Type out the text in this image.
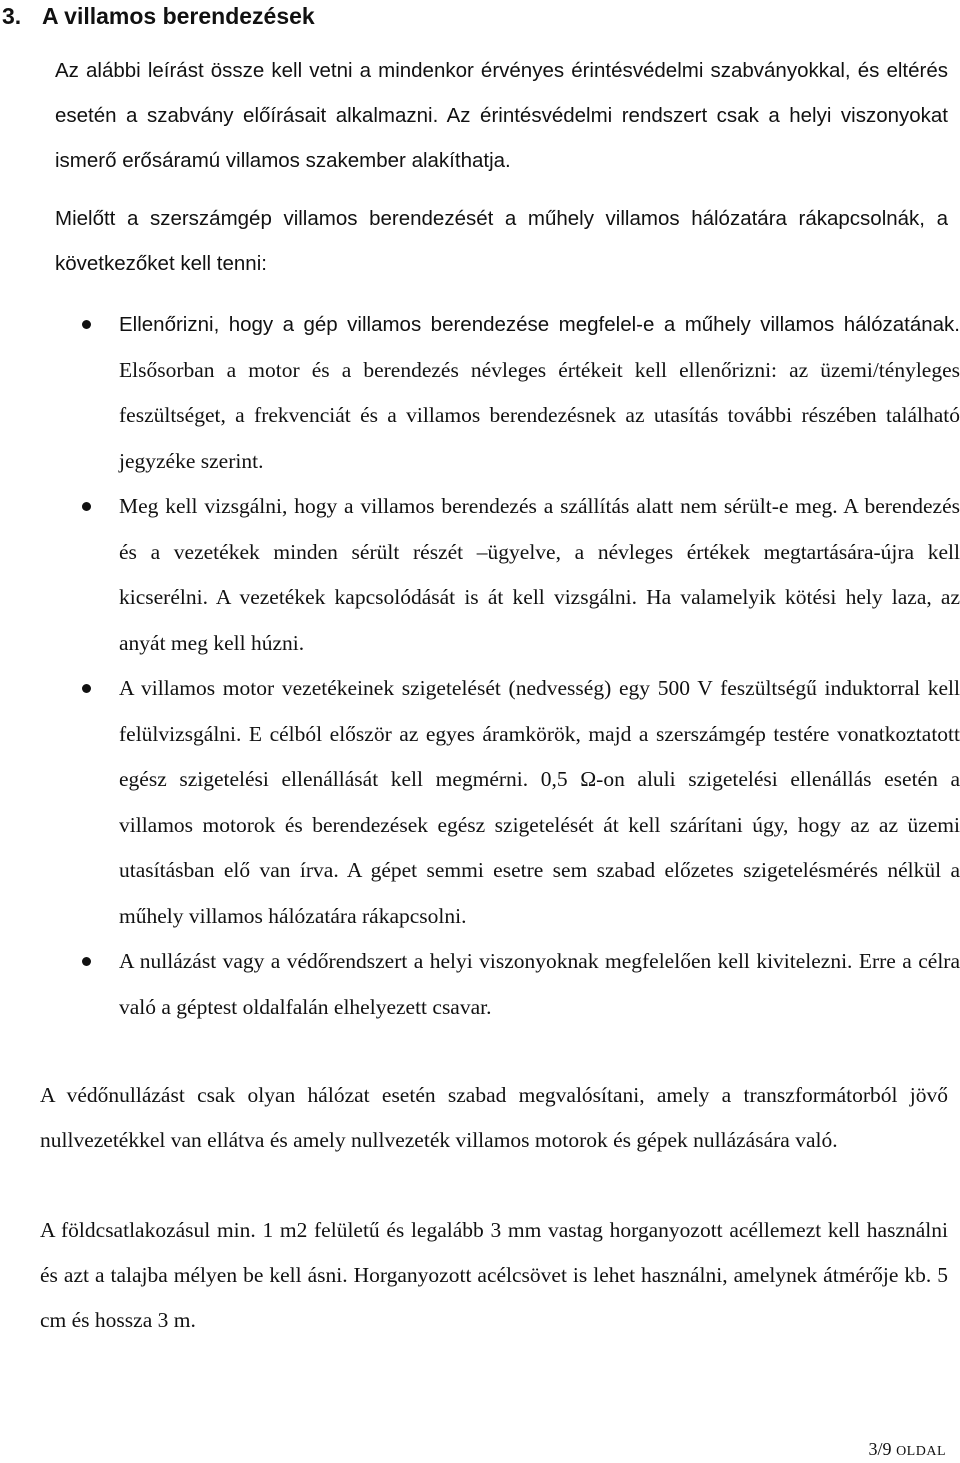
3. A villamos berendezések
Az alábbi leírást össze kell vetni a mindenkor érvényes érintésvédelmi szabványokkal, és eltérés esetén a szabvány előírásait alkalmazni. Az érintésvédelmi rendszert csak a helyi viszonyokat ismerő erősáramú villamos szakember alakíthatja.
Mielőtt a szerszámgép villamos berendezését a műhely villamos hálózatára rákapcsolnák, a következőket kell tenni:
Ellenőrizni, hogy a gép villamos berendezése megfelel-e a műhely villamos hálózatának. Elsősorban a motor és a berendezés névleges értékeit kell ellenőrizni: az üzemi/tényleges feszültséget, a frekvenciát és a villamos berendezésnek az utasítás további részében található jegyzéke szerint.
Meg kell vizsgálni, hogy a villamos berendezés a szállítás alatt nem sérült-e meg. A berendezés és a vezetékek minden sérült részét –ügyelve, a névleges értékek megtartására-újra kell kicserélni. A vezetékek kapcsolódását is át kell vizsgálni. Ha valamelyik kötési hely laza, az anyát meg kell húzni.
A villamos motor vezetékeinek szigetelését (nedvesség) egy 500 V feszültségű induktorral kell felülvizsgálni. E célból először az egyes áramkörök, majd a szerszámgép testére vonatkoztatott egész szigetelési ellenállását kell megmérni. 0,5 Ω-on aluli szigetelési ellenállás esetén a villamos motorok és berendezések egész szigetelését át kell szárítani úgy, hogy az az üzemi utasításban elő van írva. A gépet semmi esetre sem szabad előzetes szigetelésmérés nélkül a műhely villamos hálózatára rákapcsolni.
A nullázást vagy a védőrendszert a helyi viszonyoknak megfelelően kell kivitelezni. Erre a célra való a géptest oldalfalán elhelyezett csavar.
A védőnullázást csak olyan hálózat esetén szabad megvalósítani, amely a transzformátorból jövő nullvezetékkel van ellátva és amely nullvezeték villamos motorok és gépek nullázására való.
A földcsatlakozásul min. 1 m2 felületű és legalább 3 mm vastag horganyozott acéllemezt kell használni és azt a talajba mélyen be kell ásni. Horganyozott acélcsövet is lehet használni, amelynek átmérője kb. 5 cm és hossza 3 m.
3/9 OLDAL
